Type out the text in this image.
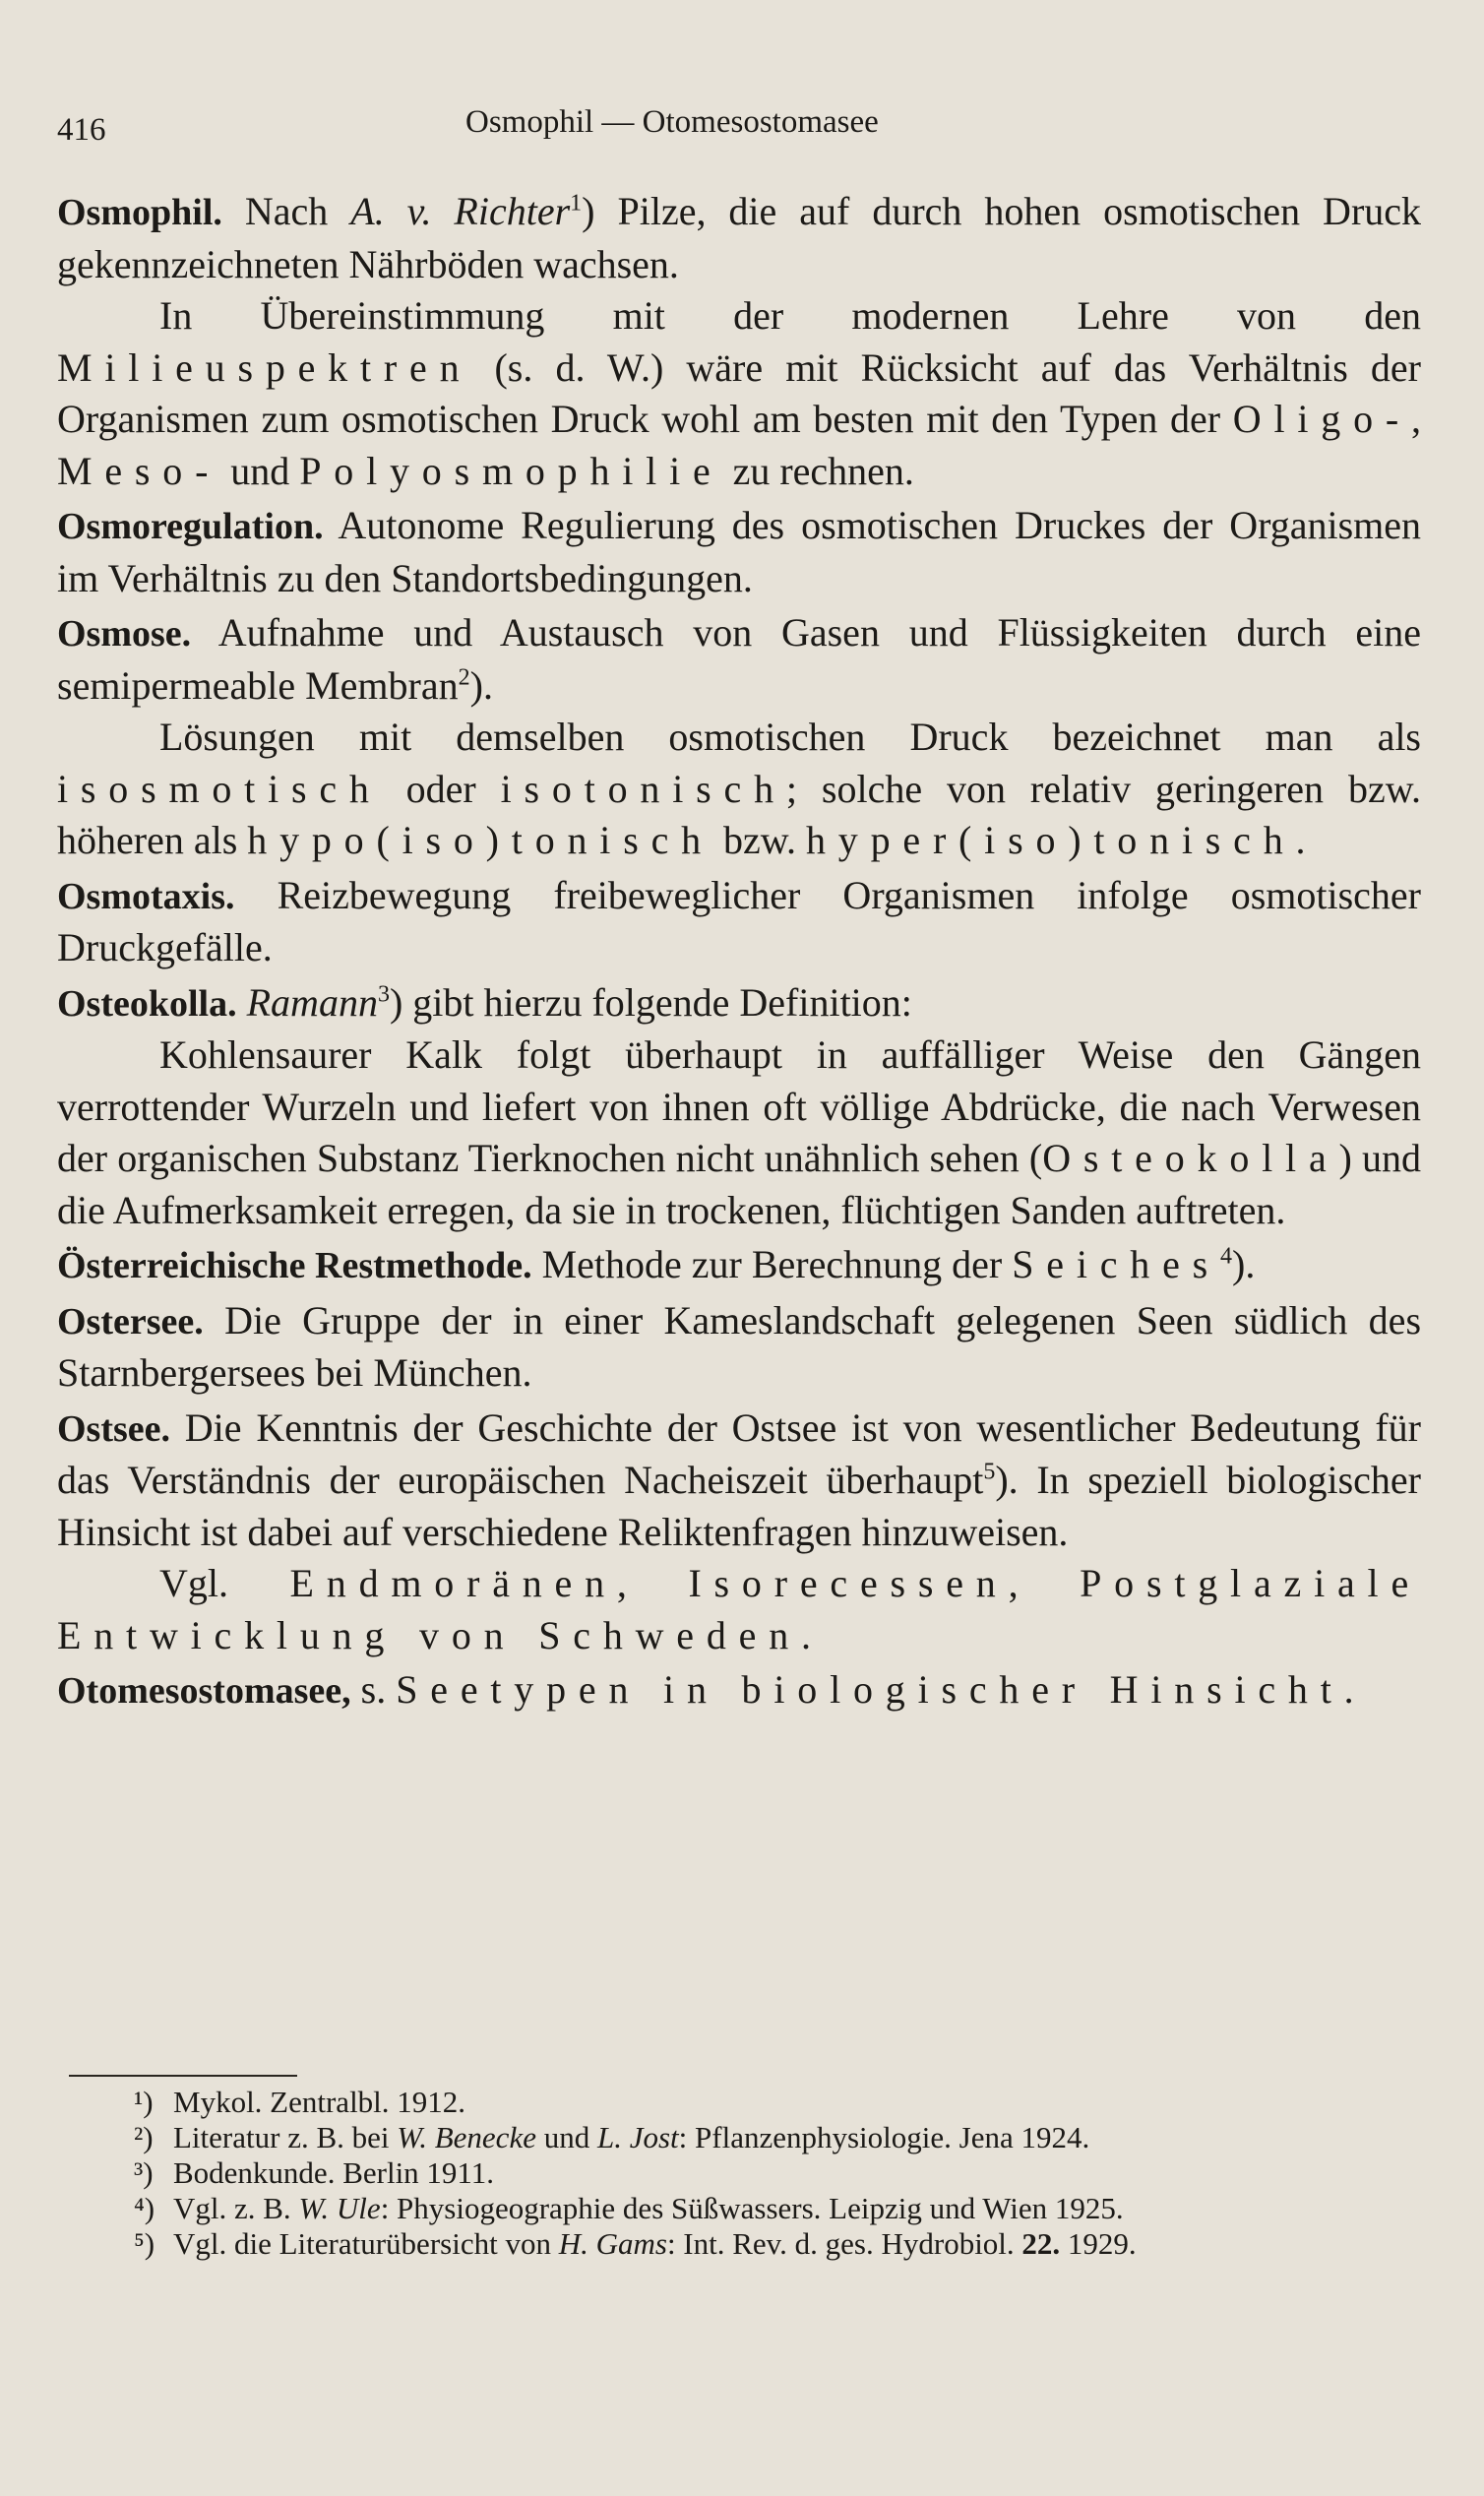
416	Osmophil — Otomesostomasee

Osmophil. Nach A. v. Richter$^1$) Pilze, die auf durch hohen osmotischen Druck gekennzeichneten Nährböden wachsen.

In Übereinstimmung mit der modernen Lehre von den Milieuspektren (s. d. W.) wäre mit Rücksicht auf das Verhältnis der Organismen zum osmotischen Druck wohl am besten mit den Typen der Oligo-, Meso- und Polyosmophilie zu rechnen.

Osmoregulation. Autonome Regulierung des osmotischen Druckes der Organismen im Verhältnis zu den Standortsbedingungen.

Osmose. Aufnahme und Austausch von Gasen und Flüssigkeiten durch eine semipermeable Membran$^2$).

Lösungen mit demselben osmotischen Druck bezeichnet man als isosmotisch oder isotonisch; solche von relativ geringeren bzw. höheren als hypo(iso)tonisch bzw. hyper(iso)tonisch.

Osmotaxis. Reizbewegung freibeweglicher Organismen infolge osmotischer Druckgefälle.

Osteokolla. Ramann$^3$) gibt hierzu folgende Definition:

Kohlensaurer Kalk folgt überhaupt in auffälliger Weise den Gängen verrottender Wurzeln und liefert von ihnen oft völlige Abdrücke, die nach Verwesen der organischen Substanz Tierknochen nicht unähnlich sehen (Osteokolla) und die Aufmerksamkeit erregen, da sie in trockenen, flüchtigen Sanden auftreten.

Österreichische Restmethode. Methode zur Berechnung der Seiches$^4$).

Ostersee. Die Gruppe der in einer Kameslandschaft gelegenen Seen südlich des Starnbergersees bei München.

Ostsee. Die Kenntnis der Geschichte der Ostsee ist von wesentlicher Bedeutung für das Verständnis der europäischen Nacheiszeit überhaupt$^5$). In speziell biologischer Hinsicht ist dabei auf verschiedene Reliktenfragen hinzuweisen.

Vgl. Endmoränen, Isorecessen, Postglaziale Entwicklung von Schweden.

Otomesostomasee, s. Seetypen in biologischer Hinsicht.

¹) Mykol. Zentralbl. 1912.

²) Literatur z. B. bei W. Benecke und L. Jost: Pflanzenphysiologie. Jena 1924.

³) Bodenkunde. Berlin 1911.

⁴) Vgl. z. B. W. Ule: Physiogeographie des Süßwassers. Leipzig und Wien 1925.

⁵) Vgl. die Literaturübersicht von H. Gams: Int. Rev. d. ges. Hydrobiol. 22. 1929.
